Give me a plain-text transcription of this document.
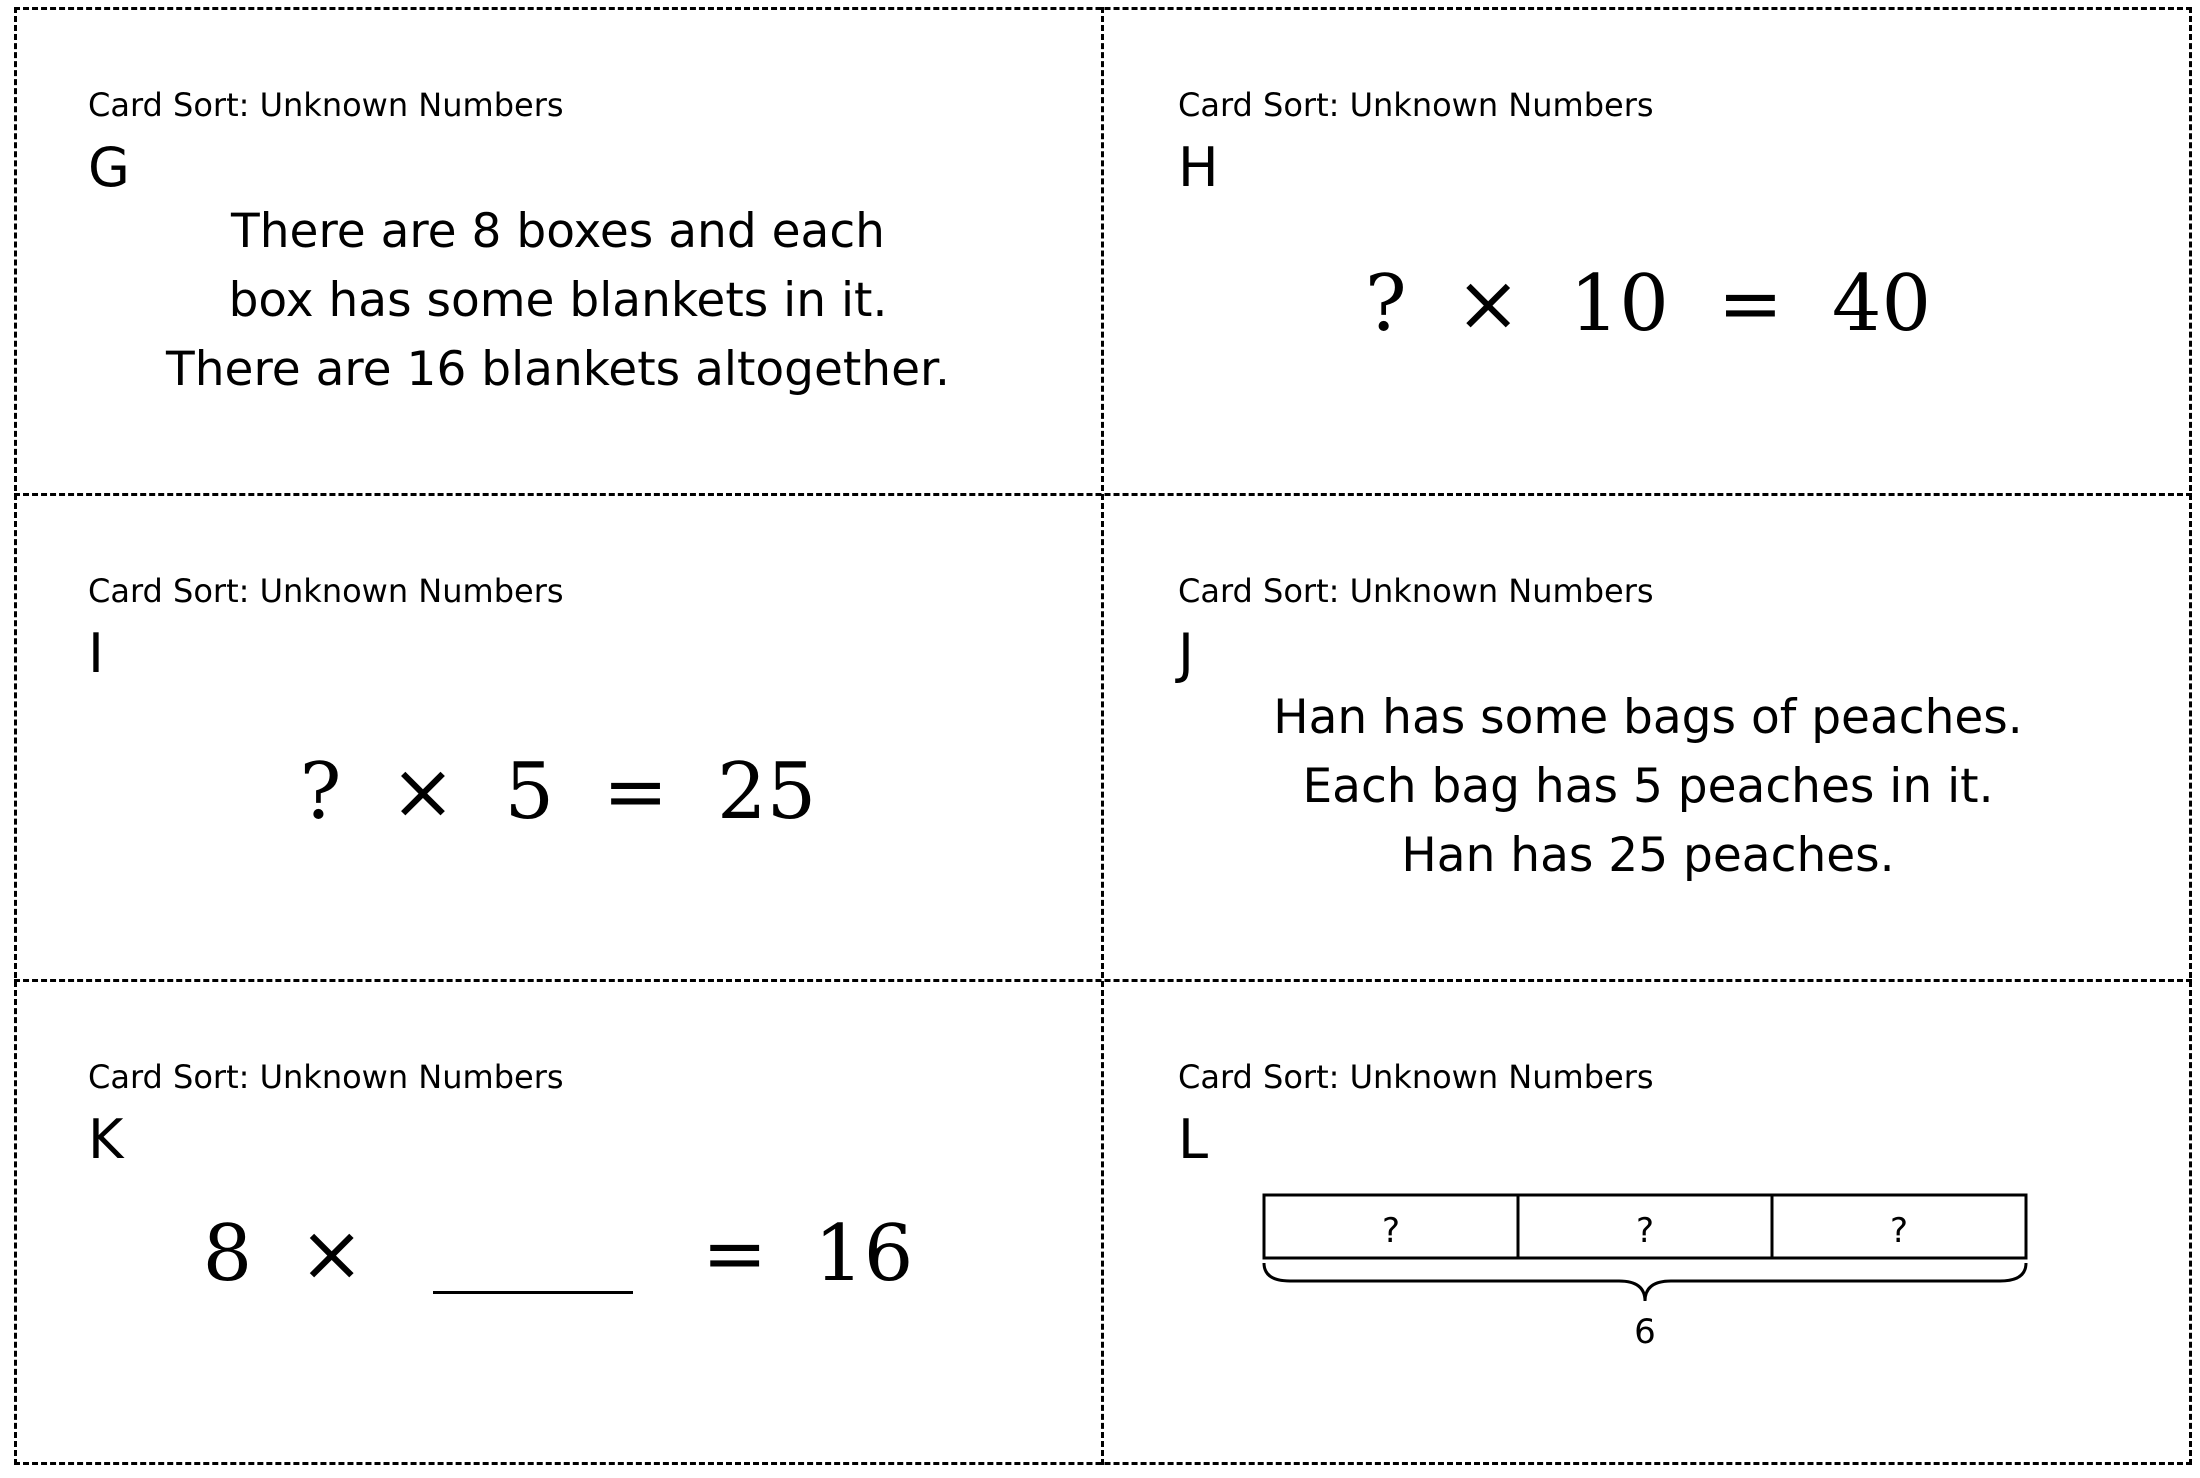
Card Sort: Unknown Numbers
G
There are 8 boxes and each
box has some blankets in it.
There are 16 blankets altogether.
Card Sort: Unknown Numbers
H
? × 10 = 40
Card Sort: Unknown Numbers
I
? × 5 = 25
Card Sort: Unknown Numbers
J
Han has some bags of peaches.
Each bag has 5 peaches in it.
Han has 25 peaches.
Card Sort: Unknown Numbers
K
8 ×	= 16
Card Sort: Unknown Numbers
L
?	?	?
6
